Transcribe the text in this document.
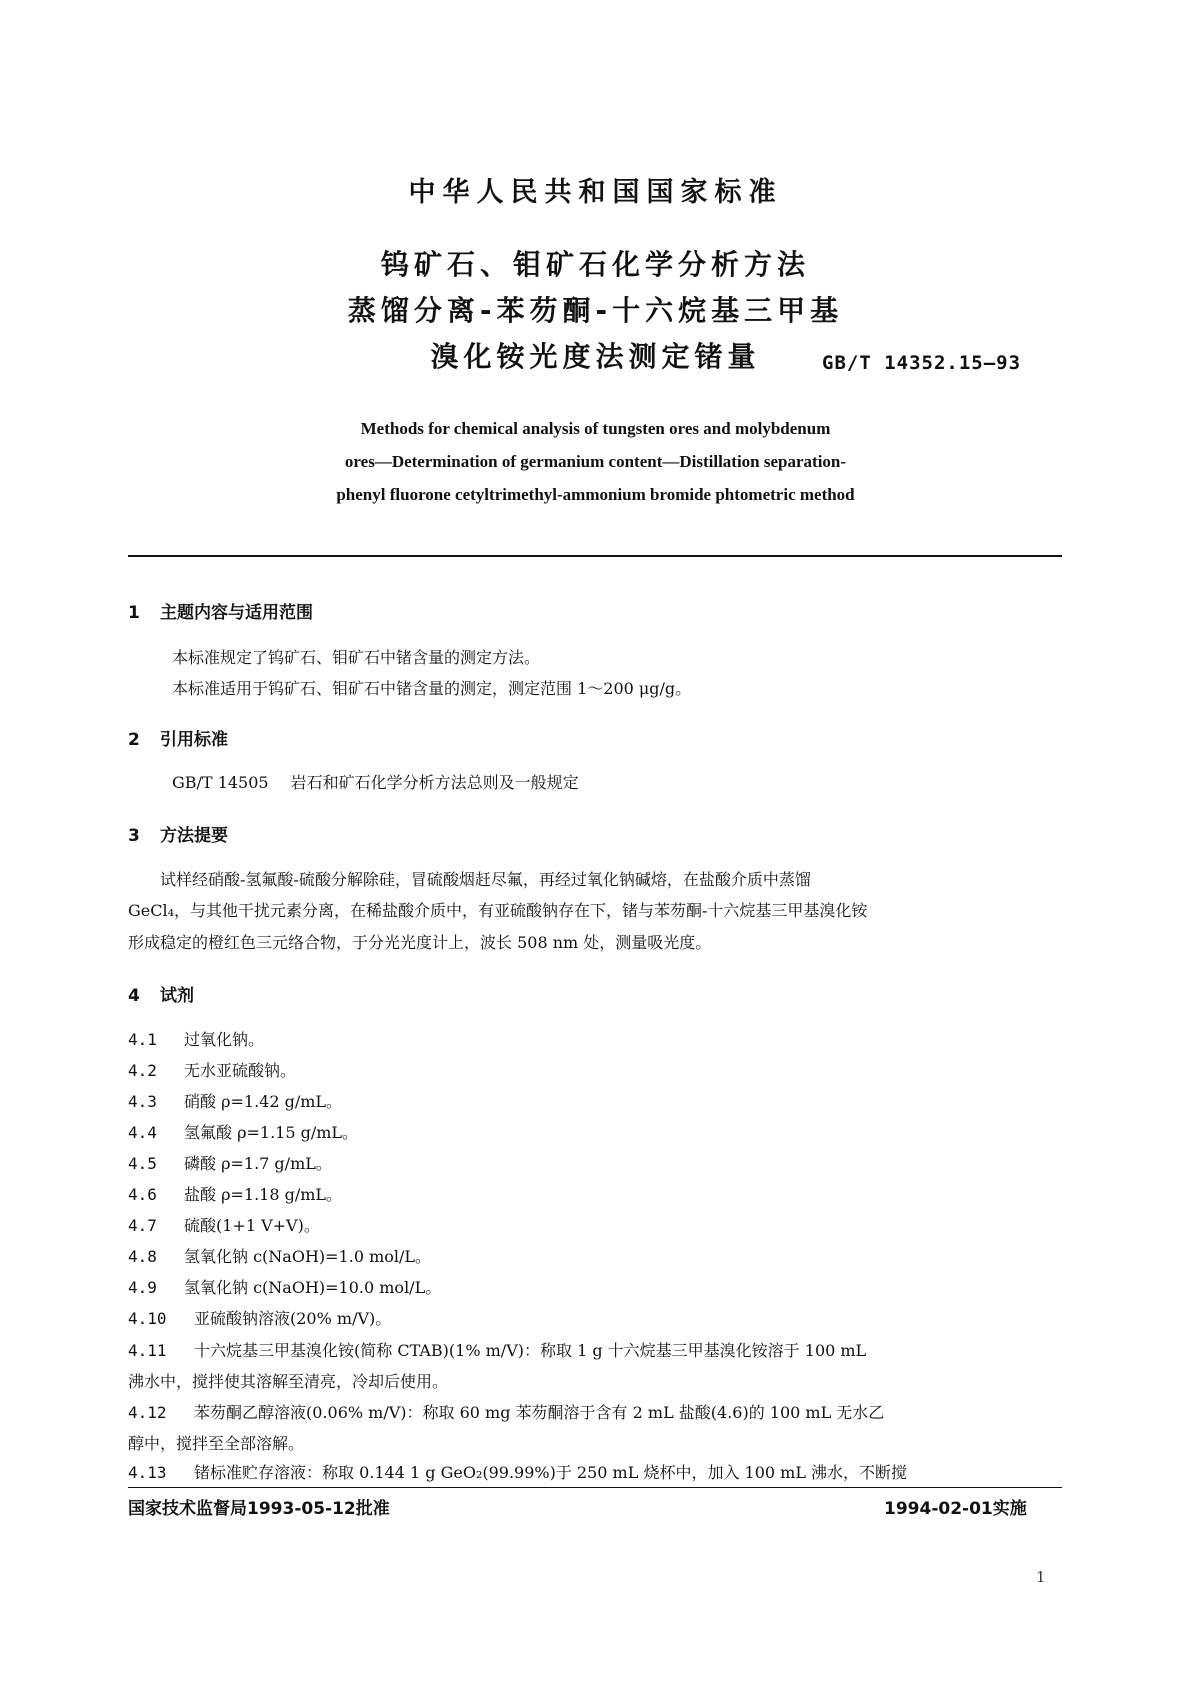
中华人民共和国国家标准
钨矿石、钼矿石化学分析方法
蒸馏分离-苯芴酮-十六烷基三甲基
溴化铵光度法测定锗量	GB/T 14352.15—93
Methods for chemical analysis of tungsten ores and molybdenum
ores—Determination of germanium content—Distillation separation-
phenyl fluorone cetyltrimethyl-ammonium bromide phtometric method
1 主题内容与适用范围
本标准规定了钨矿石、钼矿石中锗含量的测定方法。
本标准适用于钨矿石、钼矿石中锗含量的测定，测定范围 1～200 μg/g。
2 引用标准
GB/T 14505 岩石和矿石化学分析方法总则及一般规定
3 方法提要
试样经硝酸-氢氟酸-硫酸分解除硅，冒硫酸烟赶尽氟，再经过氧化钠碱熔，在盐酸介质中蒸馏
GeCl₄，与其他干扰元素分离，在稀盐酸介质中，有亚硫酸钠存在下，锗与苯芴酮-十六烷基三甲基溴化铵
形成稳定的橙红色三元络合物，于分光光度计上，波长 508 nm 处，测量吸光度。
4 试剂
4.1 过氧化钠。
4.2 无水亚硫酸钠。
4.3 硝酸 ρ=1.42 g/mL。
4.4 氢氟酸 ρ=1.15 g/mL。
4.5 磷酸 ρ=1.7 g/mL。
4.6 盐酸 ρ=1.18 g/mL。
4.7 硫酸(1+1 V+V)。
4.8 氢氧化钠 c(NaOH)=1.0 mol/L。
4.9 氢氧化钠 c(NaOH)=10.0 mol/L。
4.10 亚硫酸钠溶液(20% m/V)。
4.11 十六烷基三甲基溴化铵(简称 CTAB)(1% m/V)：称取 1 g 十六烷基三甲基溴化铵溶于 100 mL
沸水中，搅拌使其溶解至清亮，冷却后使用。
4.12 苯芴酮乙醇溶液(0.06% m/V)：称取 60 mg 苯芴酮溶于含有 2 mL 盐酸(4.6)的 100 mL 无水乙
醇中，搅拌至全部溶解。
4.13 锗标准贮存溶液：称取 0.144 1 g GeO₂(99.99%)于 250 mL 烧杯中，加入 100 mL 沸水，不断搅
国家技术监督局1993-05-12批准	1994-02-01实施
1
